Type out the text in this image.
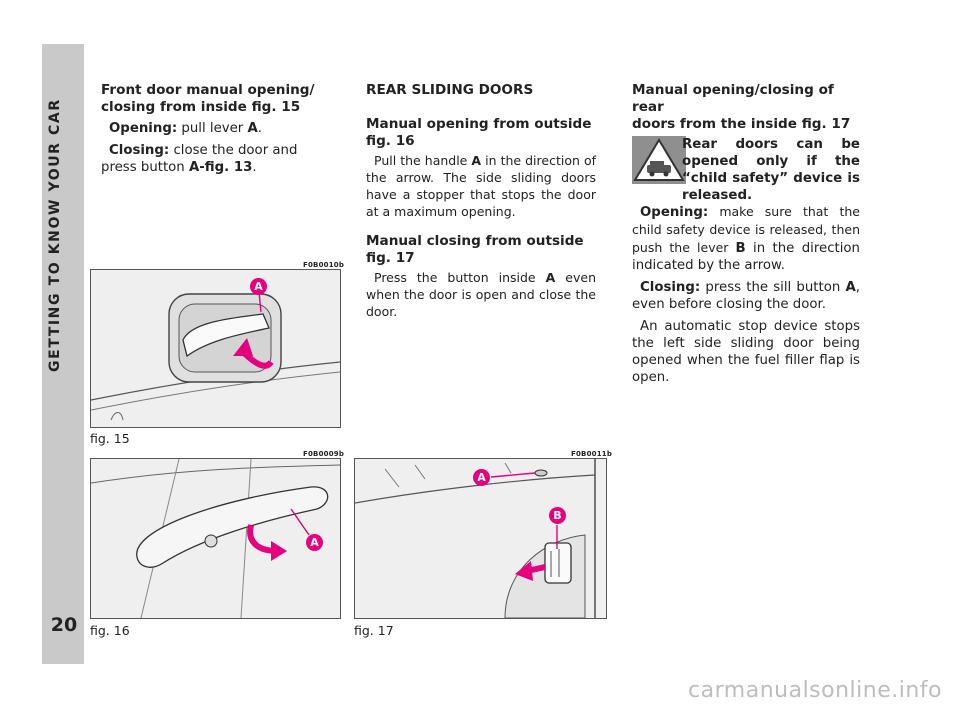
GETTING TO KNOW YOUR CAR
20
Front door manual opening/
closing from inside fig. 15

Opening: pull lever A.

Closing: close the door and press button A-fig. 13.

REAR SLIDING DOORS
Manual opening from outside
fig. 16

Pull the handle A in the direction of the arrow. The side sliding doors have a stopper that stops the door at a maximum opening.

Manual closing from outside
fig. 17

Press the button inside A even when the door is open and close the door.

Manual opening/closing of rear
doors from the inside fig. 17
Rear doors can be opened only if the “child safety” device is released.

Opening: make sure that the child safety device is released, then push the lever B in the direction indicated by the arrow.

Closing: press the sill button A, even before closing the door.

An automatic stop device stops the left side sliding door being opened when the fuel filler flap is open.

F0B0010b
A
fig. 15
F0B0009b
A
fig. 16
F0B0011b
A
B
fig. 17
carmanualsonline.info
